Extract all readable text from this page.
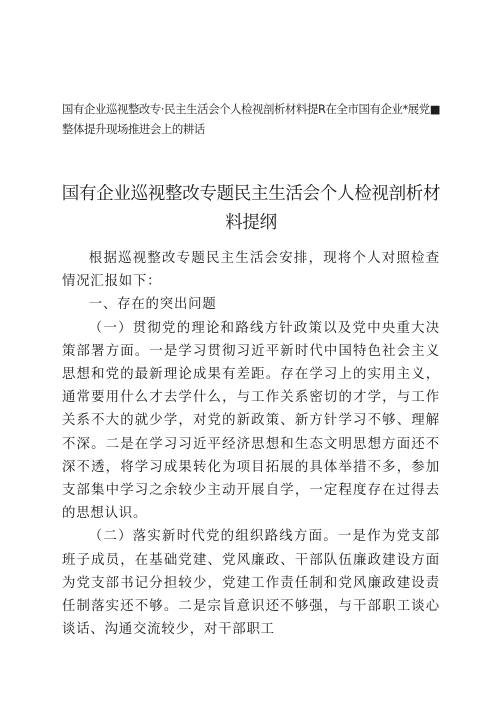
国有企业巡视整改专·民主生活会个人检视剖析材料提R在全市国有企业*展党■整体提升现场推进会上的耕话
国有企业巡视整改专题民主生活会个人检视剖析材料提纲

根据巡视整改专题民主生活会安排，现将个人对照检查情况汇报如下：

一、存在的突出问题

（一）贯彻党的理论和路线方针政策以及党中央重大决策部署方面。一是学习贯彻习近平新时代中国特色社会主义思想和党的最新理论成果有差距。存在学习上的实用主义，通常要用什么才去学什么，与工作关系密切的才学，与工作关系不大的就少学，对党的新政策、新方针学习不够、理解不深。二是在学习习近平经济思想和生态文明思想方面还不深不透，将学习成果转化为项目拓展的具体举措不多，参加支部集中学习之余较少主动开展自学，一定程度存在过得去的思想认识。

（二）落实新时代党的组织路线方面。一是作为党支部班子成员，在基础党建、党风廉政、干部队伍廉政建设方面为党支部书记分担较少，党建工作责任制和党风廉政建设责任制落实还不够。二是宗旨意识还不够强，与干部职工谈心谈话、沟通交流较少，对干部职工
